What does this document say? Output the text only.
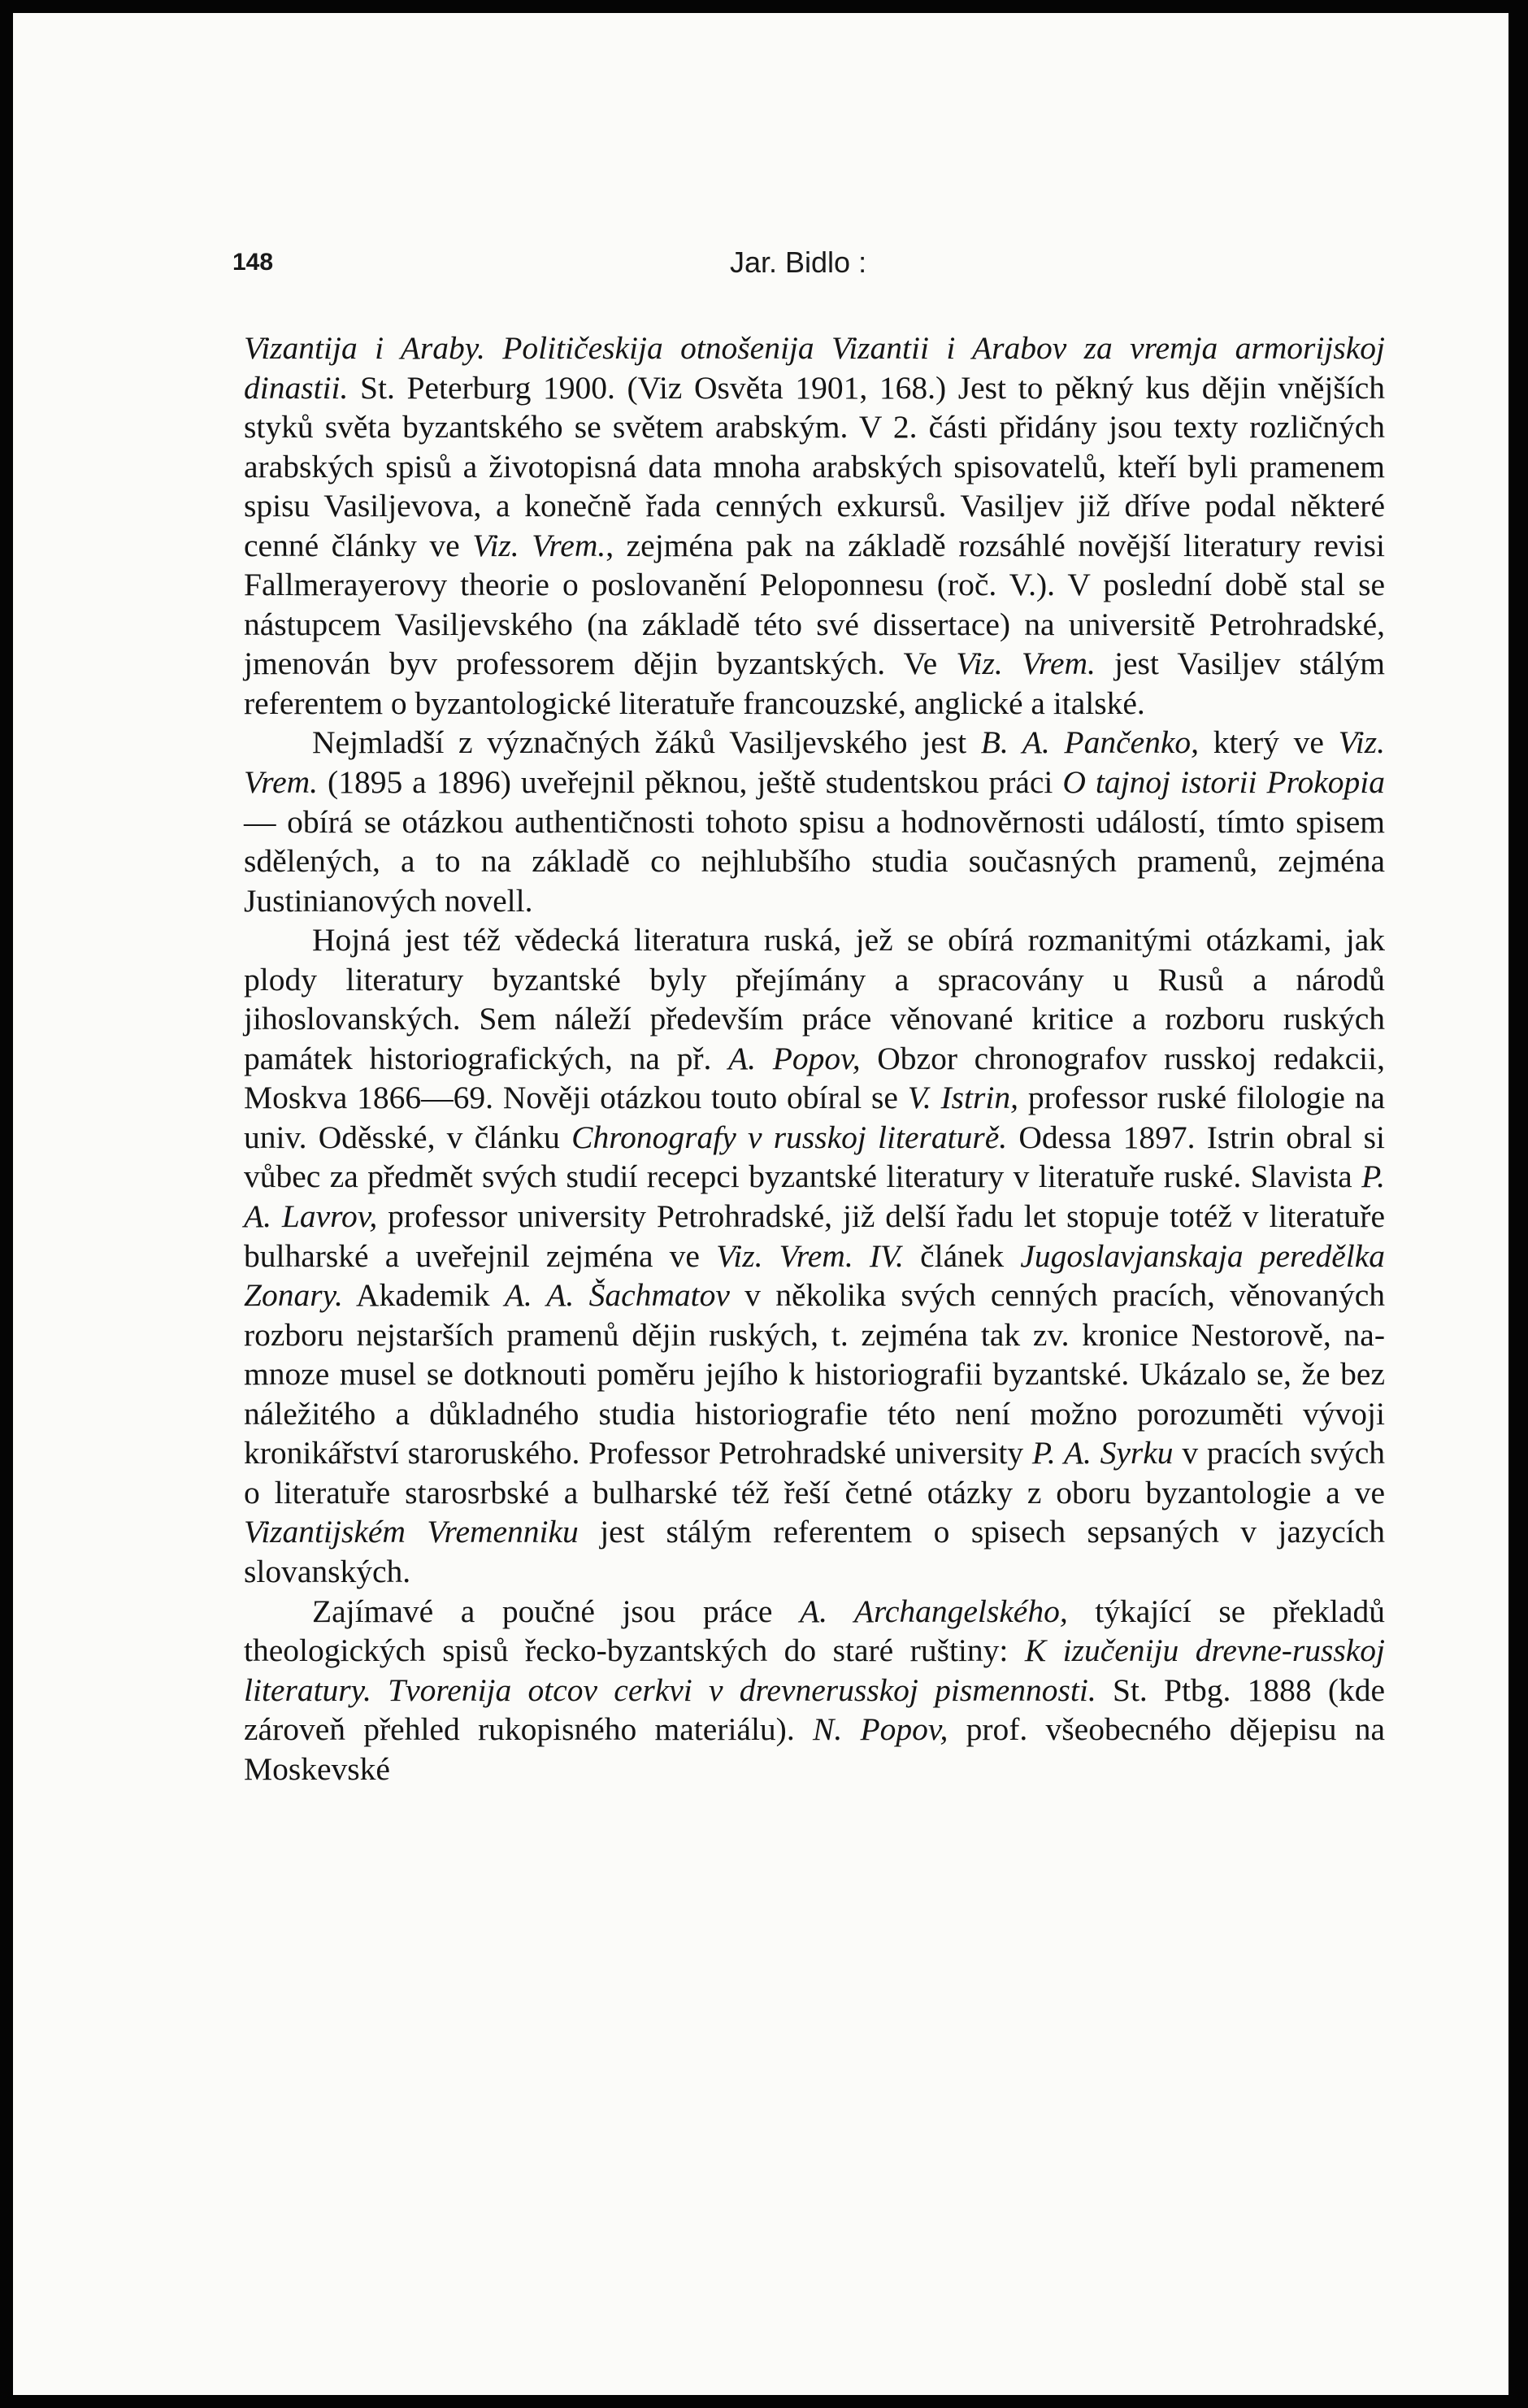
148	Jar. Bidlo :

Vizantija i Araby. Političeskija otnošenija Vizantii i Arabov za vremja armorijskoj dinastii. St. Peterburg 1900. (Viz Osvěta 1901, 168.) Jest to pěkný kus dějin vnějších styků světa byzantského se světem arabským. V 2. části přidány jsou texty rozličných arabských spisů a životopisná data mnoha arabských spisovatelů, kteří byli pramenem spisu Vasiljevova, a konečně řada cenných exkursů. Vasiljev již dříve podal některé cenné články ve Viz. Vrem., zejména pak na základě rozsáhlé novější literatury revisi Fallmerayerovy theorie o poslovanění Peloponnesu (roč. V.). V poslední době stal se nástupcem Vasiljevského (na základě této své dissertace) na universitě Petrohradské, jmenován byv professorem dějin byzantských. Ve Viz. Vrem. jest Vasiljev stálým referentem o byzantologické literatuře francouzské, anglické a italské.

Nejmladší z význačných žáků Vasiljevského jest B. A. Pančenko, který ve Viz. Vrem. (1895 a 1896) uveřejnil pěknou, ještě studentskou práci O tajnoj istorii Prokopia — obírá se otázkou authentičnosti tohoto spisu a hodnověrnosti událostí, tímto spisem sdělených, a to na základě co nejhlubšího studia současných pramenů, zejména Justinianových novell.

Hojná jest též vědecká literatura ruská, jež se obírá rozmanitými otázkami, jak plody literatury byzantské byly přejímány a spracovány u Rusů a národů jihoslovanských. Sem náleží především práce věnované kritice a rozboru ruských památek historiografických, na př. A. Popov, Obzor chronografov russkoj redakcii, Moskva 1866—69. Nověji otázkou touto obíral se V. Istrin, professor ruské filologie na univ. Oděsské, v článku Chronografy v russkoj literaturě. Odessa 1897. Istrin obral si vůbec za předmět svých studií recepci byzantské literatury v literatuře ruské. Slavista P. A. Lavrov, professor university Petrohradské, již delší řadu let stopuje totéž v literatuře bulharské a uveřejnil zejména ve Viz. Vrem. IV. článek Jugoslavjanskaja peredělka Zonary. Akademik A. A. Šachmatov v několika svých cenných pracích, věnovaných rozboru nejstarších pramenů dějin ruských, t. zejména tak zv. kronice Nestorově, namnoze musel se dotknouti poměru jejího k historiografii byzantské. Ukázalo se, že bez náležitého a důkladného studia historiografie této není možno porozuměti vývoji kronikářství staroruského. Professor Petrohradské university P. A. Syrku v pracích svých o literatuře starosrbské a bulharské též řeší četné otázky z oboru byzantologie a ve Vizantijském Vremenniku jest stálým referentem o spisech sepsaných v jazycích slovanských.

Zajímavé a poučné jsou práce A. Archangelského, týkající se překladů theologických spisů řecko-byzantských do staré ruštiny: K izučeniju drevne-russkoj literatury. Tvorenija otcov cerkvi v drevnerusskoj pismennosti. St. Ptbg. 1888 (kde zároveň přehled rukopisného materiálu). N. Popov, prof. všeobecného dějepisu na Moskevské
